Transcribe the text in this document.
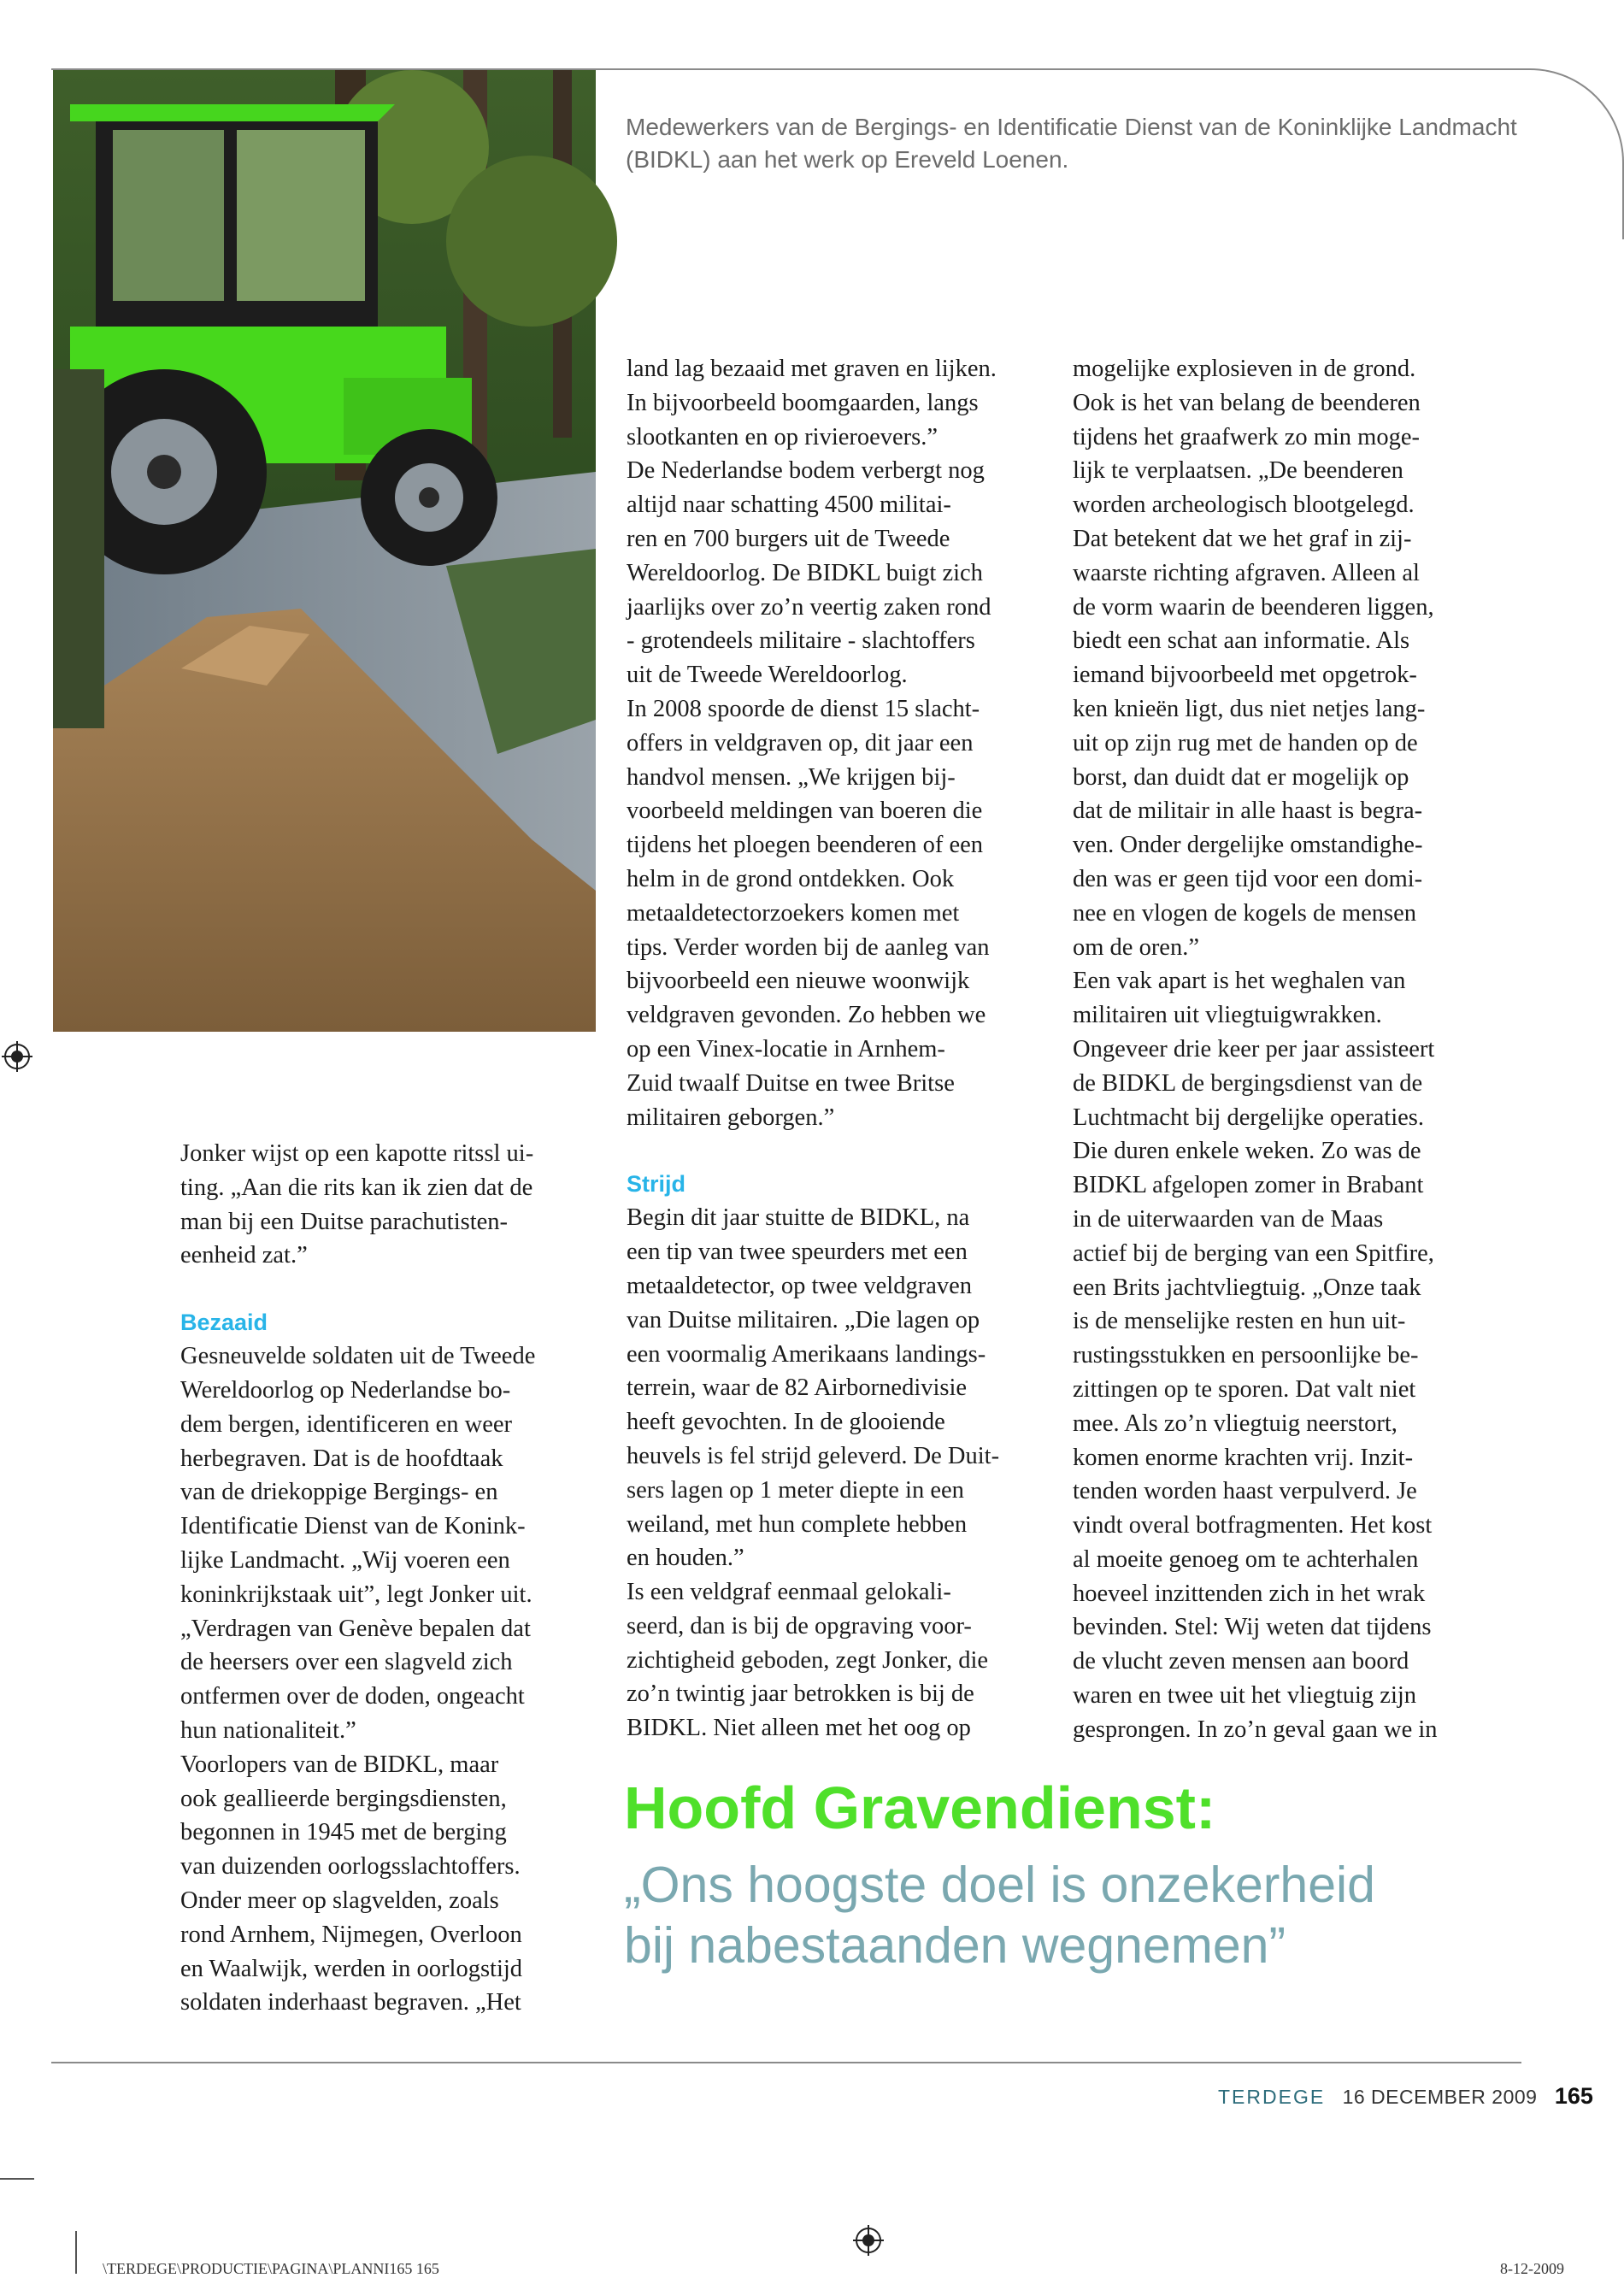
Medewerkers van de Bergings- en Identificatie Dienst van de Koninklijke Landmacht (BIDKL) aan het werk op Ereveld Loenen.

Jonker wijst op een kapotte ritssl ui-

ting. „Aan die rits kan ik zien dat de

man bij een Duitse parachutisten-

eenheid zat.”

Bezaaid

Gesneuvelde soldaten uit de Tweede

Wereldoorlog op Nederlandse bo-

dem bergen, identificeren en weer

herbegraven. Dat is de hoofdtaak

van de driekoppige Bergings- en

Identificatie Dienst van de Konink-

lijke Landmacht. „Wij voeren een

koninkrijkstaak uit”, legt Jonker uit.

„Verdragen van Genève bepalen dat

de heersers over een slagveld zich

ontfermen over de doden, ongeacht

hun nationaliteit.”

Voorlopers van de BIDKL, maar

ook geallieerde bergingsdiensten,

begonnen in 1945 met de berging

van duizenden oorlogsslachtoffers.

Onder meer op slagvelden, zoals

rond Arnhem, Nijmegen, Overloon

en Waalwijk, werden in oorlogstijd

soldaten inderhaast begraven. „Het

land lag bezaaid met graven en lijken.

In bijvoorbeeld boomgaarden, langs

slootkanten en op rivieroevers.”

De Nederlandse bodem verbergt nog

altijd naar schatting 4500 militai-

ren en 700 burgers uit de Tweede

Wereldoorlog. De BIDKL buigt zich

jaarlijks over zo’n veertig zaken rond

- grotendeels militaire - slachtoffers

uit de Tweede Wereldoorlog.

In 2008 spoorde de dienst 15 slacht-

offers in veldgraven op, dit jaar een

handvol mensen. „We krijgen bij-

voorbeeld meldingen van boeren die

tijdens het ploegen beenderen of een

helm in de grond ontdekken. Ook

metaaldetectorzoekers komen met

tips. Verder worden bij de aanleg van

bijvoorbeeld een nieuwe woonwijk

veldgraven gevonden. Zo hebben we

op een Vinex-locatie in Arnhem-

Zuid twaalf Duitse en twee Britse

militairen geborgen.”

Strijd

Begin dit jaar stuitte de BIDKL, na

een tip van twee speurders met een

metaaldetector, op twee veldgraven

van Duitse militairen. „Die lagen op

een voormalig Amerikaans landings-

terrein, waar de 82 Airbornedivisie

heeft gevochten. In de glooiende

heuvels is fel strijd geleverd. De Duit-

sers lagen op 1 meter diepte in een

weiland, met hun complete hebben

en houden.”

Is een veldgraf eenmaal gelokali-

seerd, dan is bij de opgraving voor-

zichtigheid geboden, zegt Jonker, die

zo’n twintig jaar betrokken is bij de

BIDKL. Niet alleen met het oog op

mogelijke explosieven in de grond.

Ook is het van belang de beenderen

tijdens het graafwerk zo min moge-

lijk te verplaatsen. „De beenderen

worden archeologisch blootgelegd.

Dat betekent dat we het graf in zij-

waarste richting afgraven. Alleen al

de vorm waarin de beenderen liggen,

biedt een schat aan informatie. Als

iemand bijvoorbeeld met opgetrok-

ken knieën ligt, dus niet netjes lang-

uit op zijn rug met de handen op de

borst, dan duidt dat er mogelijk op

dat de militair in alle haast is begra-

ven. Onder dergelijke omstandighe-

den was er geen tijd voor een domi-

nee en vlogen de kogels de mensen

om de oren.”

Een vak apart is het weghalen van

militairen uit vliegtuigwrakken.

Ongeveer drie keer per jaar assisteert

de BIDKL de bergingsdienst van de

Luchtmacht bij dergelijke operaties.

Die duren enkele weken. Zo was de

BIDKL afgelopen zomer in Brabant

in de uiterwaarden van de Maas

actief bij de berging van een Spitfire,

een Brits jachtvliegtuig. „Onze taak

is de menselijke resten en hun uit-

rustingsstukken en persoonlijke be-

zittingen op te sporen. Dat valt niet

mee. Als zo’n vliegtuig neerstort,

komen enorme krachten vrij. Inzit-

tenden worden haast verpulverd. Je

vindt overal botfragmenten. Het kost

al moeite genoeg om te achterhalen

hoeveel inzittenden zich in het wrak

bevinden. Stel: Wij weten dat tijdens

de vlucht zeven mensen aan boord

waren en twee uit het vliegtuig zijn

gesprongen. In zo’n geval gaan we in

Hoofd Gravendienst:
„Ons hoogste doel is onzekerheid
bij nabestaanden wegnemen”
TERDEGE 16 DECEMBER 2009 165
\TERDEGE\PRODUCTIE\PAGINA\PLANNI165 165	8-12-2009
